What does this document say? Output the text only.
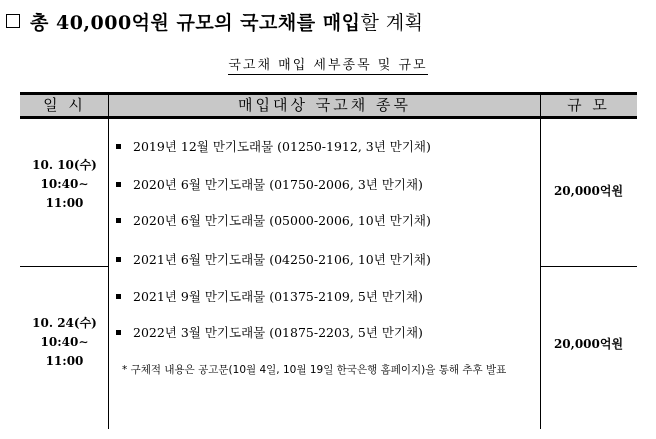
총 40,000억원 규모의 국고채를 매입 할 계획
국고채 매입 세부종목 및 규모
일 시	매입대상 국고채 종목	규 모
10. 10(수)
10:40∼
11:00
2019년 12월 만기도래물 (01250-1912, 3년 만기채)
2020년 6월 만기도래물 (01750-2006, 3년 만기채)
2020년 6월 만기도래물 (05000-2006, 10년 만기채)
2021년 6월 만기도래물 (04250-2106, 10년 만기채)
20,000억원
10. 24(수)
10:40∼
11:00
2021년 9월 만기도래물 (01375-2109, 5년 만기채)
2022년 3월 만기도래물 (01875-2203, 5년 만기채)
20,000억원
* 구체적 내용은 공고문(10월 4일, 10월 19일 한국은행 홈페이지)을 통해 추후 발표
